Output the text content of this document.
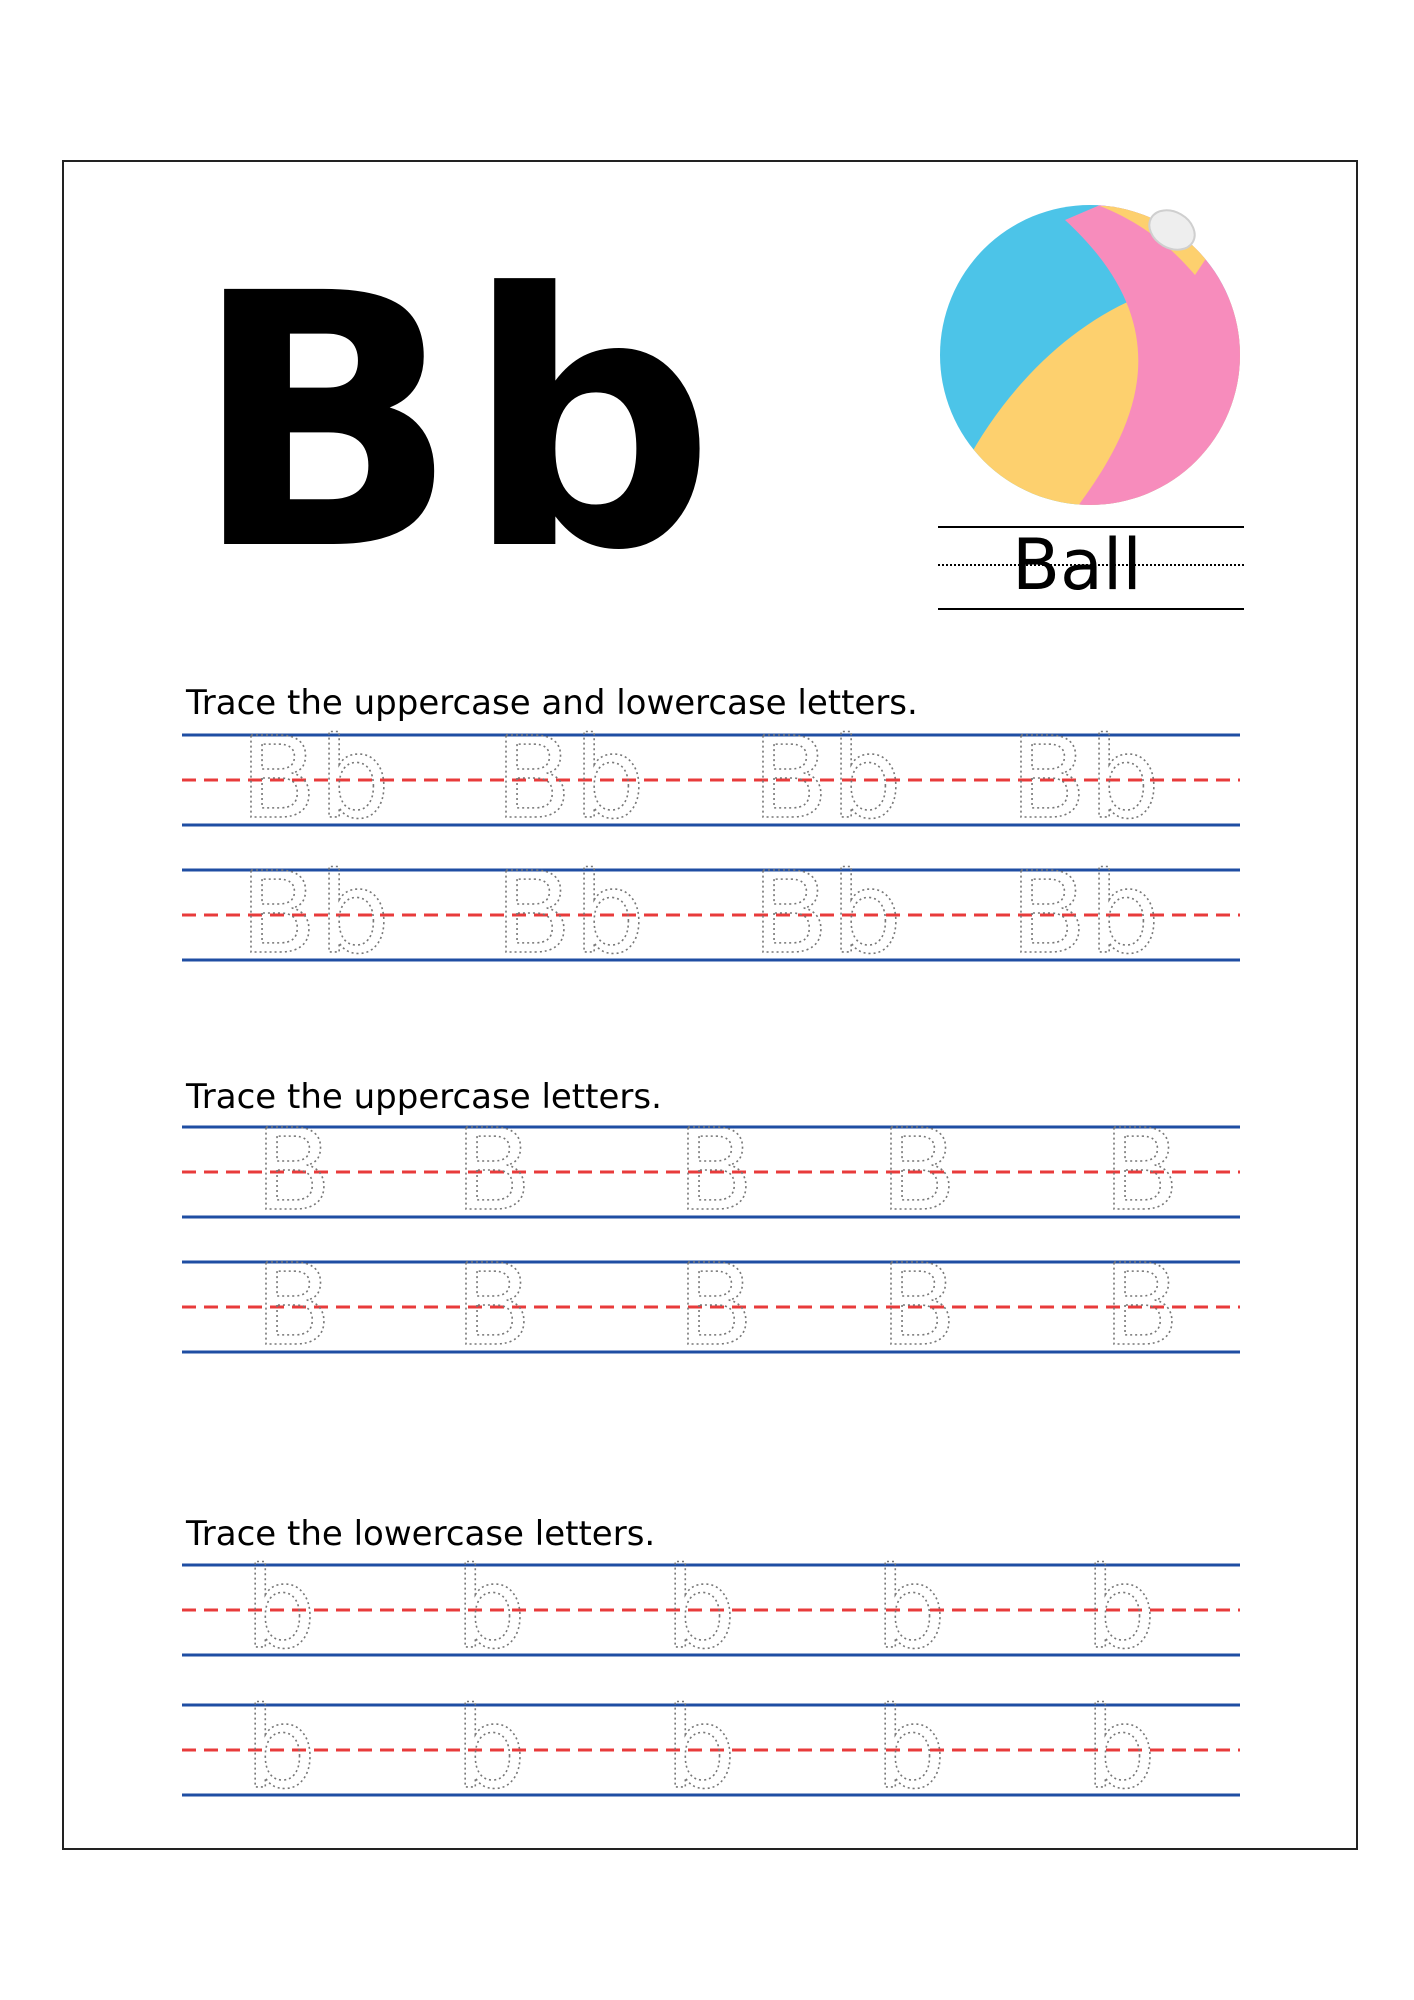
Bb	Ball
Trace the uppercase and lowercase letters.
Trace the uppercase letters.
Trace the lowercase letters.
Bb Bb Bb Bb
Bb Bb Bb Bb
B B B B B
B B B B B
b b b b b
b b b b b
